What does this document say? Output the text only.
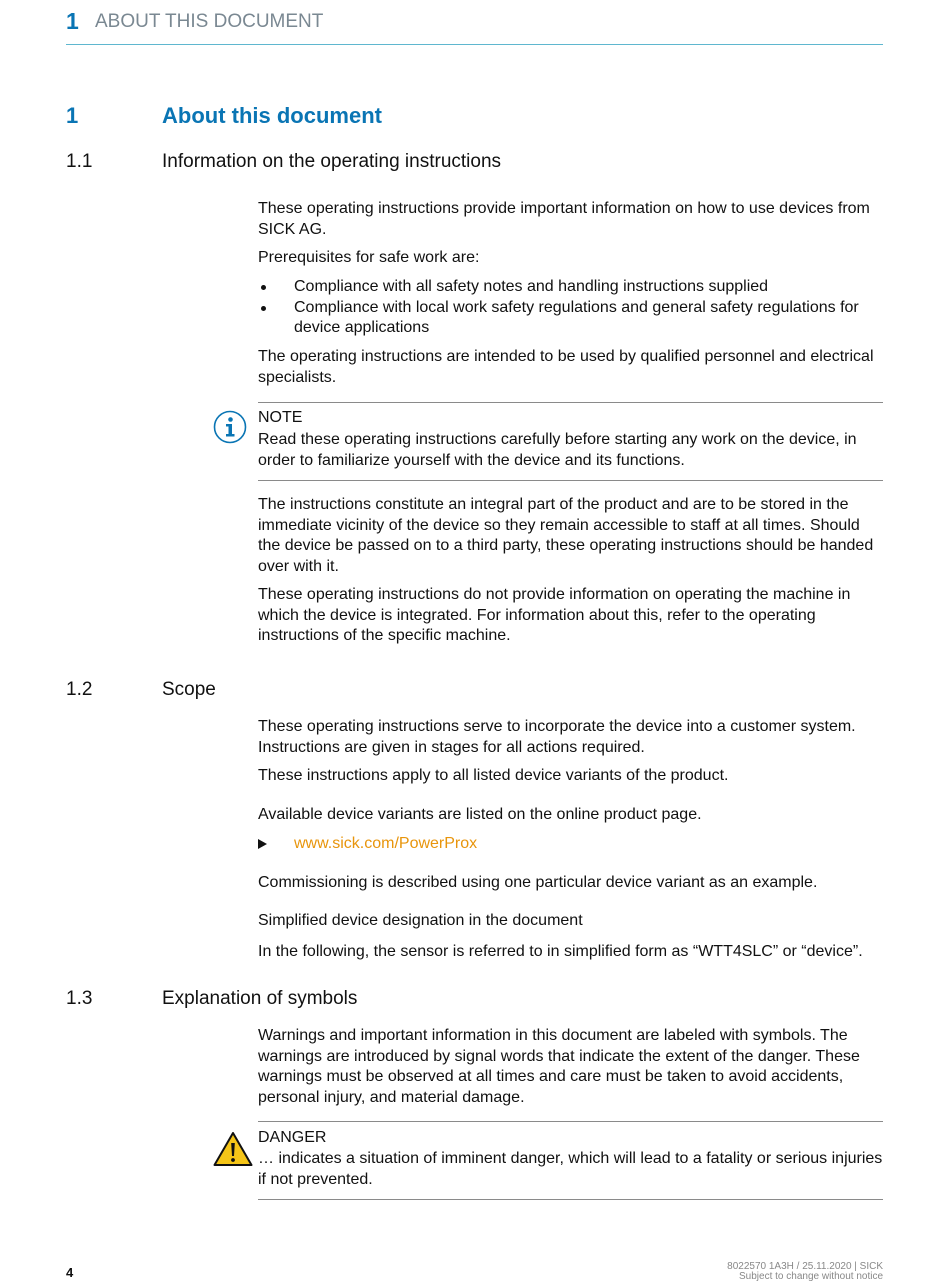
1 ABOUT THIS DOCUMENT
1	About this document
1.1	Information on the operating instructions

These operating instructions provide important information on how to use devices from SICK AG.

Prerequisites for safe work are:

Compliance with all safety notes and handling instructions supplied
Compliance with local work safety regulations and general safety regulations for device applications

The operating instructions are intended to be used by qualified personnel and electrical specialists.

NOTE

Read these operating instructions carefully before starting any work on the device, in order to familiarize yourself with the device and its functions.

The instructions constitute an integral part of the product and are to be stored in the immediate vicinity of the device so they remain accessible to staff at all times. Should the device be passed on to a third party, these operating instructions should be handed over with it.

These operating instructions do not provide information on operating the machine in which the device is integrated. For information about this, refer to the operating instructions of the specific machine.

1.2	Scope

These operating instructions serve to incorporate the device into a customer system. Instructions are given in stages for all actions required.

These instructions apply to all listed device variants of the product.

Available device variants are listed on the online product page.

www.sick.com/PowerProx

Commissioning is described using one particular device variant as an example.

Simplified device designation in the document

In the following, the sensor is referred to in simplified form as “WTT4SLC” or “device”.

1.3	Explanation of symbols

Warnings and important information in this document are labeled with symbols. The warnings are introduced by signal words that indicate the extent of the danger. These warnings must be observed at all times and care must be taken to avoid accidents, personal injury, and material damage.

DANGER

… indicates a situation of imminent danger, which will lead to a fatality or serious injuries if not prevented.

4	8022570 1A3H / 25.11.2020 | SICK
Subject to change without notice
